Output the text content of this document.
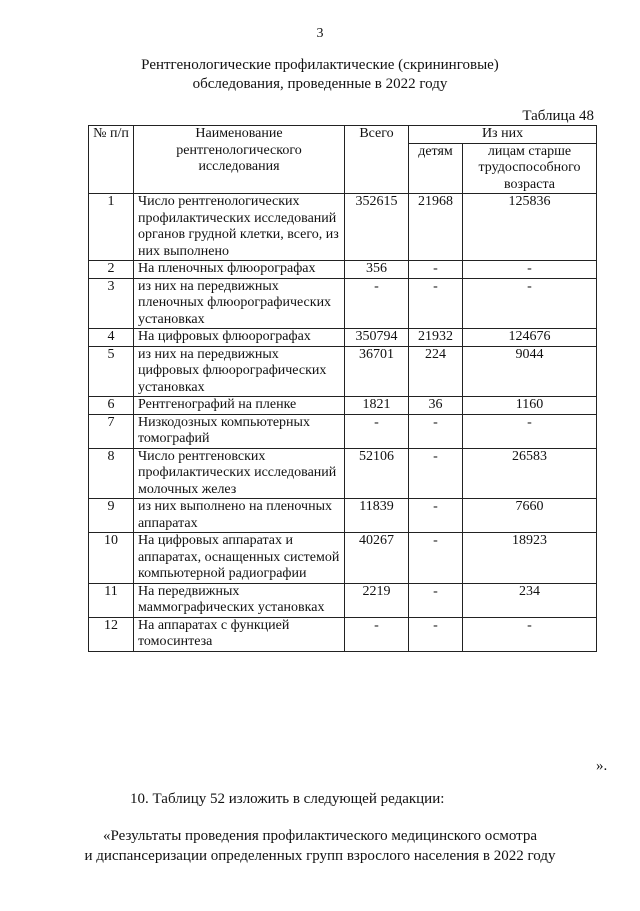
3
Рентгенологические профилактические (скрининговые)
обследования, проведенные в 2022 году
Таблица 48
№ п/п	Наименование рентгенологического исследования	Всего	Из них	
			детям	лицам старше трудоспособного возраста
1	Число рентгенологических профилактических исследований органов грудной клетки, всего, из них выполнено	352615	21968	125836
2	На пленочных флюорографах	356	-	-
3	из них на передвижных пленочных флюорографических установках	-	-	-
4	На цифровых флюорографах	350794	21932	124676
5	из них на передвижных цифровых флюорографических установках	36701	224	9044
6	Рентгенографий на пленке	1821	36	1160
7	Низкодозных компьютерных томографий	-	-	-
8	Число рентгеновских профилактических исследований молочных желез	52106	-	26583
9	из них выполнено на пленочных аппаратах	11839	-	7660
10	На цифровых аппаратах и аппаратах, оснащенных системой компьютерной радиографии	40267	-	18923
11	На передвижных маммографических установках	2219	-	234
12	На аппаратах с функцией томосинтеза	-	-	-
».
10. Таблицу 52 изложить в следующей редакции:
«Результаты проведения профилактического медицинского осмотра
и диспансеризации определенных групп взрослого населения в 2022 году
